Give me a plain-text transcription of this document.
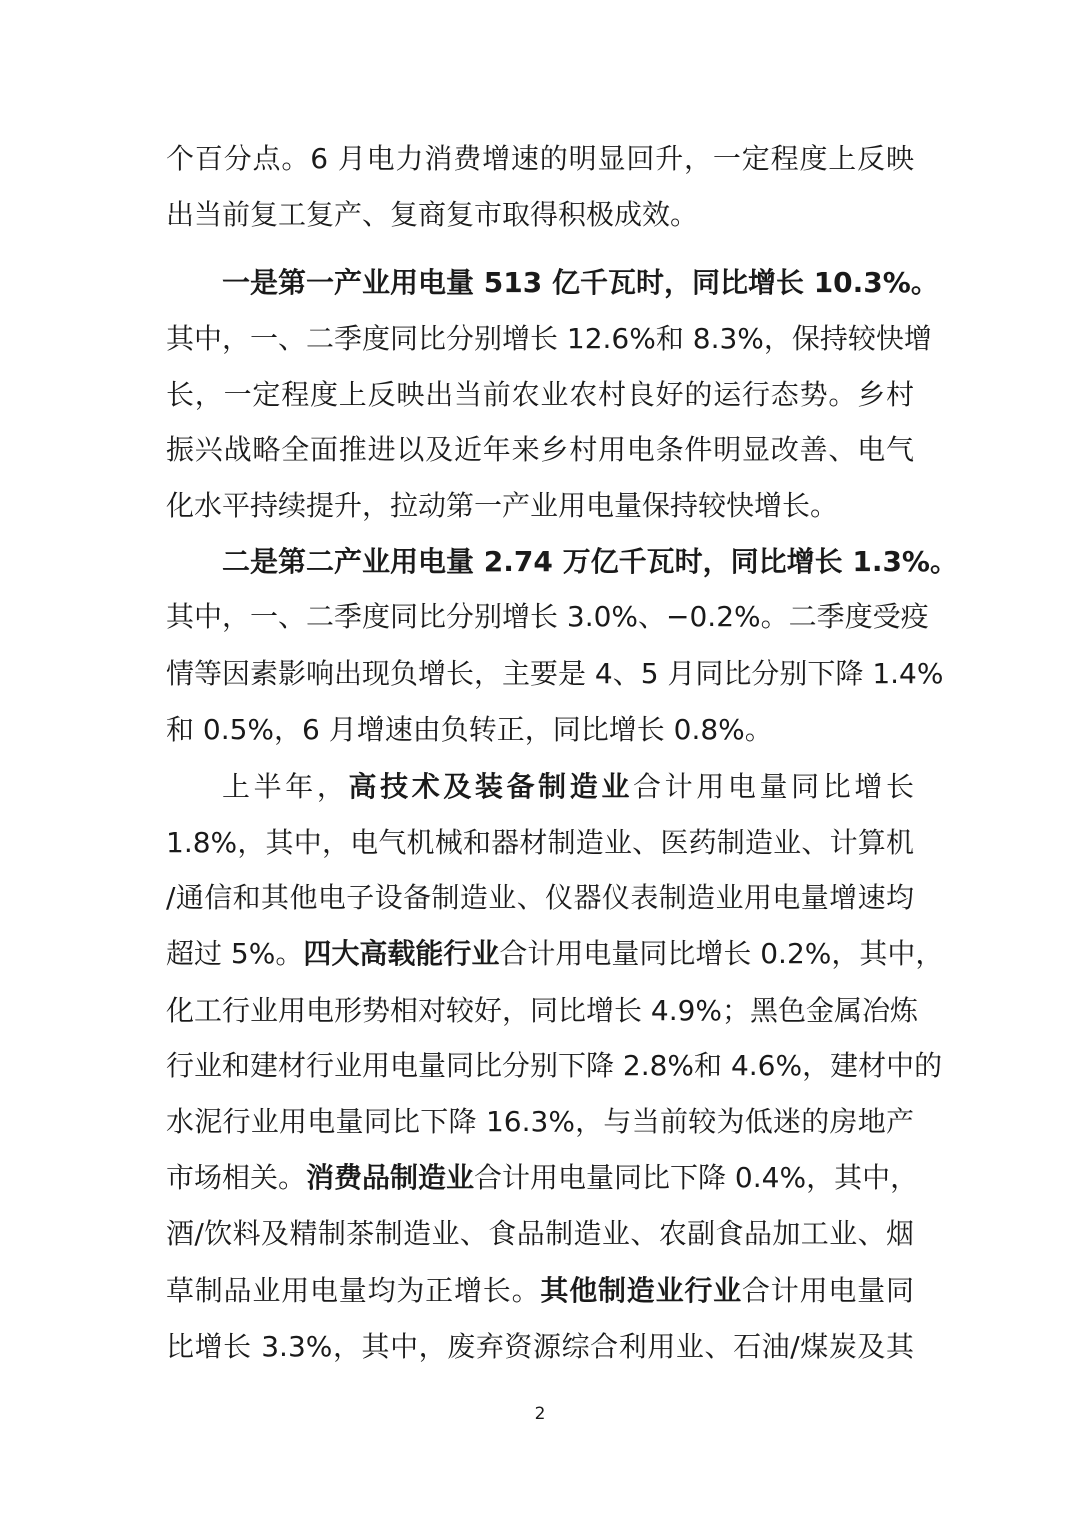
个百分点。6 月电力消费增速的明显回升，一定程度上反映
出当前复工复产、复商复市取得积极成效。
一是第一产业用电量 513 亿千瓦时，同比增长 10.3%。
其中，一、二季度同比分别增长 12.6%和 8.3%，保持较快增
长，一定程度上反映出当前农业农村良好的运行态势。乡村
振兴战略全面推进以及近年来乡村用电条件明显改善、电气
化水平持续提升，拉动第一产业用电量保持较快增长。
二是第二产业用电量 2.74 万亿千瓦时，同比增长 1.3%。
其中，一、二季度同比分别增长 3.0%、−0.2%。二季度受疫
情等因素影响出现负增长，主要是 4、5 月同比分别下降 1.4%
和 0.5%，6 月增速由负转正，同比增长 0.8%。
上半年，高技术及装备制造业合计用电量同比增长
1.8%，其中，电气机械和器材制造业、医药制造业、计算机
/通信和其他电子设备制造业、仪器仪表制造业用电量增速均
超过 5%。四大高载能行业合计用电量同比增长 0.2%，其中，
化工行业用电形势相对较好，同比增长 4.9%；黑色金属冶炼
行业和建材行业用电量同比分别下降 2.8%和 4.6%，建材中的
水泥行业用电量同比下降 16.3%，与当前较为低迷的房地产
市场相关。消费品制造业合计用电量同比下降 0.4%，其中，
酒/饮料及精制茶制造业、食品制造业、农副食品加工业、烟
草制品业用电量均为正增长。其他制造业行业合计用电量同
比增长 3.3%，其中，废弃资源综合利用业、石油/煤炭及其
2
